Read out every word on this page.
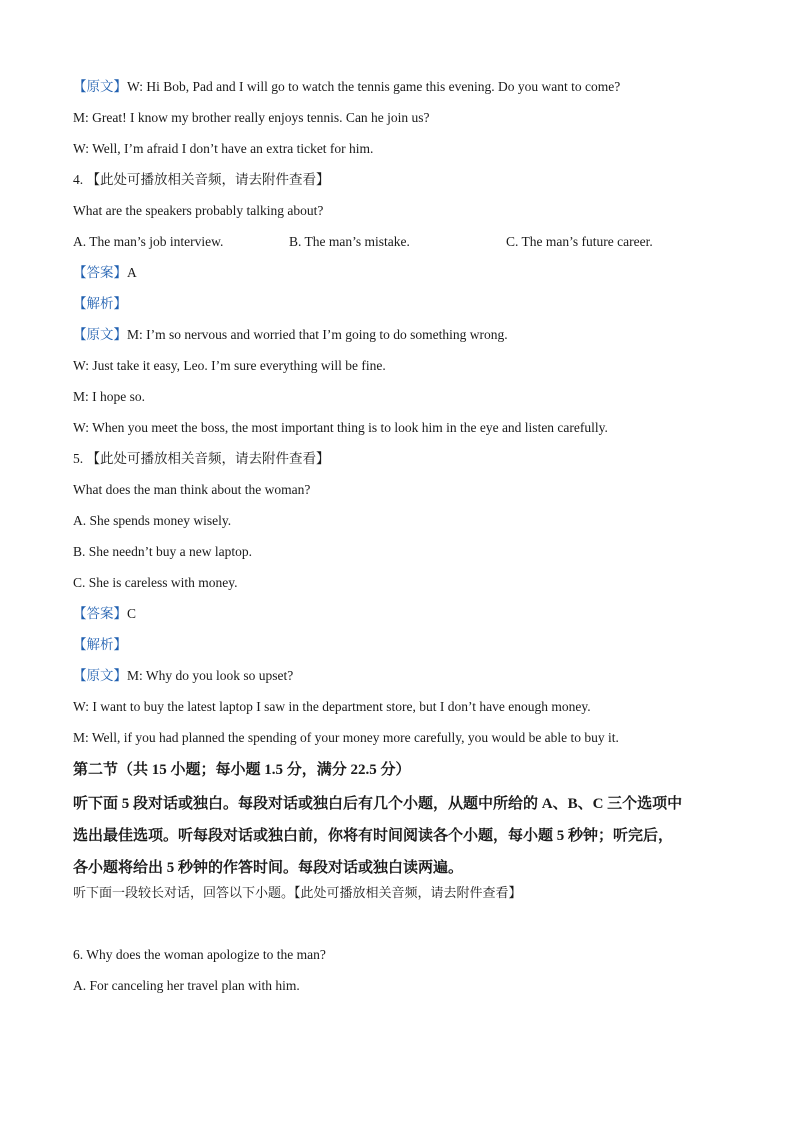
【原文】W: Hi Bob, Pad and I will go to watch the tennis game this evening. Do you want to come?
M: Great! I know my brother really enjoys tennis. Can he join us?
W: Well, I’m afraid I don’t have an extra ticket for him.
4. 【此处可播放相关音频，请去附件查看】
What are the speakers probably talking about?
A. The man’s job interview.	B. The man’s mistake.	C. The man’s future career.
【答案】A
【解析】
【原文】M: I’m so nervous and worried that I’m going to do something wrong.
W: Just take it easy, Leo. I’m sure everything will be fine.
M: I hope so.
W: When you meet the boss, the most important thing is to look him in the eye and listen carefully.
5. 【此处可播放相关音频，请去附件查看】
What does the man think about the woman?
A. She spends money wisely.
B. She needn’t buy a new laptop.
C. She is careless with money.
【答案】C
【解析】
【原文】M: Why do you look so upset?
W: I want to buy the latest laptop I saw in the department store, but I don’t have enough money.
M: Well, if you had planned the spending of your money more carefully, you would be able to buy it.
第二节（共 15 小题；每小题 1.5 分，满分 22.5 分）

听下面 5 段对话或独白。每段对话或独白后有几个小题，从题中所给的 A、B、C 三个选项中

选出最佳选项。听每段对话或独白前，你将有时间阅读各个小题，每小题 5 秒钟；听完后，

各小题将给出 5 秒钟的作答时间。每段对话或独白读两遍。

听下面一段较长对话，回答以下小题。【此处可播放相关音频，请去附件查看】
6. Why does the woman apologize to the man?
A. For canceling her travel plan with him.
